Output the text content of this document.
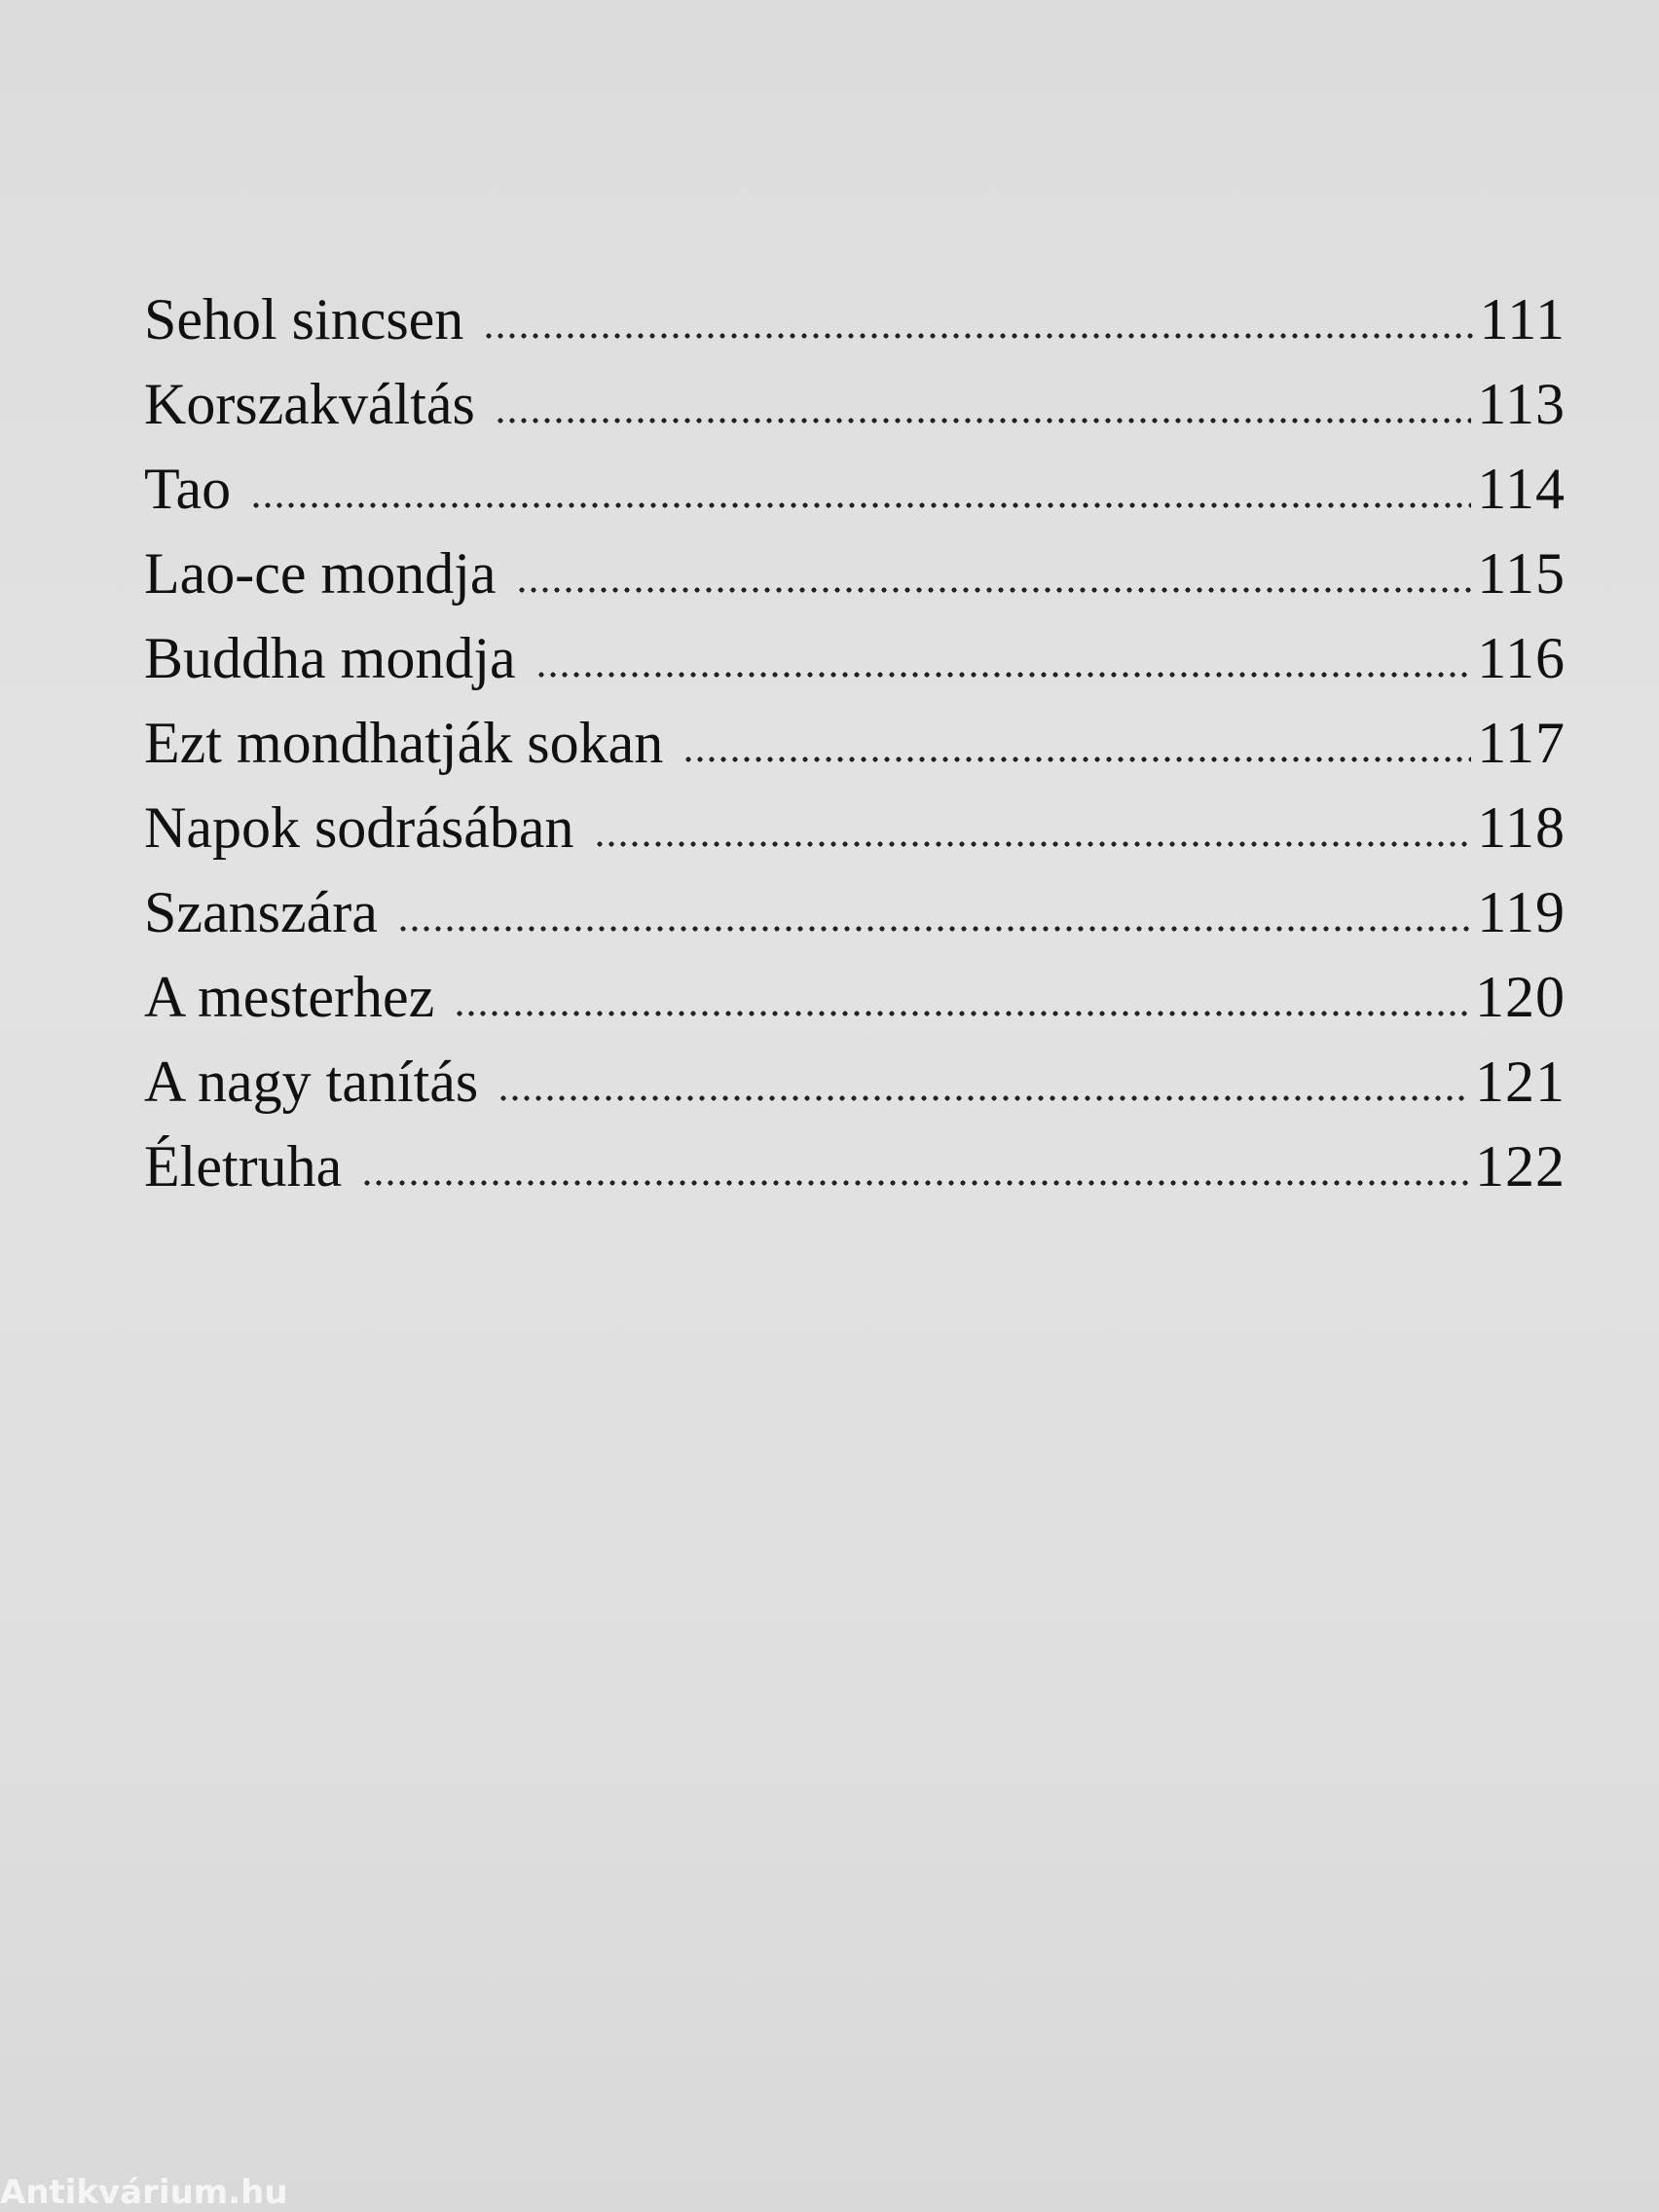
Sehol sincsen	111
Korszakváltás	113
Tao	114
Lao-ce mondja	115
Buddha mondja	116
Ezt mondhatják sokan	117
Napok sodrásában	118
Szanszára	119
A mesterhez	120
A nagy tanítás	121
Életruha	122
Antikvárium.hu
